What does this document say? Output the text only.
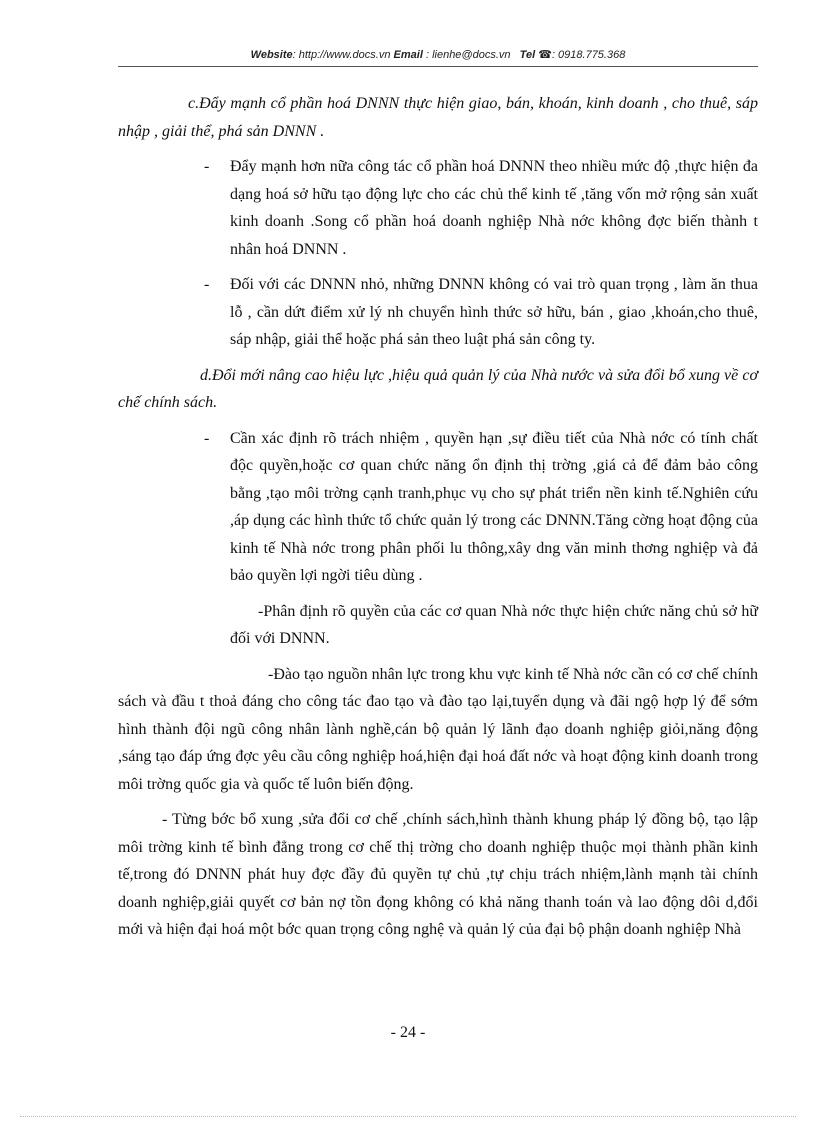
Website: http://www.docs.vn Email : lienhe@docs.vn Tel ☎: 0918.775.368

c.Đẩy mạnh cổ phần hoá DNNN thực hiện giao, bán, khoán, kinh doanh , cho thuê, sáp nhập , giải thể, phá sản DNNN .

- Đẩy mạnh hơn nữa công tác cổ phần hoá DNNN theo nhiều mức độ ,thực hiện đa dạng hoá sở hữu tạo động lực cho các chủ thể kinh tế ,tăng vốn mở rộng sản xuất kinh doanh .Song cổ phần hoá doanh nghiệp Nhà nớc không đợc biến thành t nhân hoá DNNN .

- Đối với các DNNN nhỏ, những DNNN không có vai trò quan trọng , làm ăn thua lỗ , cần dứt điểm xử lý nh chuyển hình thức sở hữu, bán , giao ,khoán,cho thuê, sáp nhập, giải thể hoặc phá sản theo luật phá sản công ty.

d.Đổi mới nâng cao hiệu lực ,hiệu quả quản lý của Nhà nước và sửa đổi bổ xung về cơ chế chính sách.

- Cần xác định rõ trách nhiệm , quyền hạn ,sự điều tiết của Nhà nớc có tính chất độc quyền,hoặc cơ quan chức năng ổn định thị trờng ,giá cả để đảm bảo công bằng ,tạo môi trờng cạnh tranh,phục vụ cho sự phát triển nền kinh tế.Nghiên cứu ,áp dụng các hình thức tổ chức quản lý trong các DNNN.Tăng cờng hoạt động của kinh tế Nhà nớc trong phân phối lu thông,xây dng văn minh thơng nghiệp và đả bảo quyền lợi ngời tiêu dùng .

-Phân định rõ quyền của các cơ quan Nhà nớc thực hiện chức năng chủ sở hữ đối với DNNN.

-Đào tạo nguồn nhân lực trong khu vực kinh tế Nhà nớc cần có cơ chế chính sách và đầu t thoả đáng cho công tác đao tạo và đào tạo lại,tuyển dụng và đãi ngộ hợp lý để sớm hình thành đội ngũ công nhân lành nghề,cán bộ quản lý lãnh đạo doanh nghiệp giỏi,năng động ,sáng tạo đáp ứng đợc yêu cầu công nghiệp hoá,hiện đại hoá đất nớc và hoạt động kinh doanh trong môi trờng quốc gia và quốc tế luôn biến động.

- Từng bớc bổ xung ,sửa đổi cơ chế ,chính sách,hình thành khung pháp lý đồng bộ, tạo lập môi trờng kinh tế bình đẳng trong cơ chế thị trờng cho doanh nghiệp thuộc mọi thành phần kinh tế,trong đó DNNN phát huy đợc đầy đủ quyền tự chủ ,tự chịu trách nhiệm,lành mạnh tài chính doanh nghiệp,giải quyết cơ bản nợ tồn đọng không có khả năng thanh toán và lao động dôi d,đổi mới và hiện đại hoá một bớc quan trọng công nghệ và quản lý của đại bộ phận doanh nghiệp Nhà

- 24 -
